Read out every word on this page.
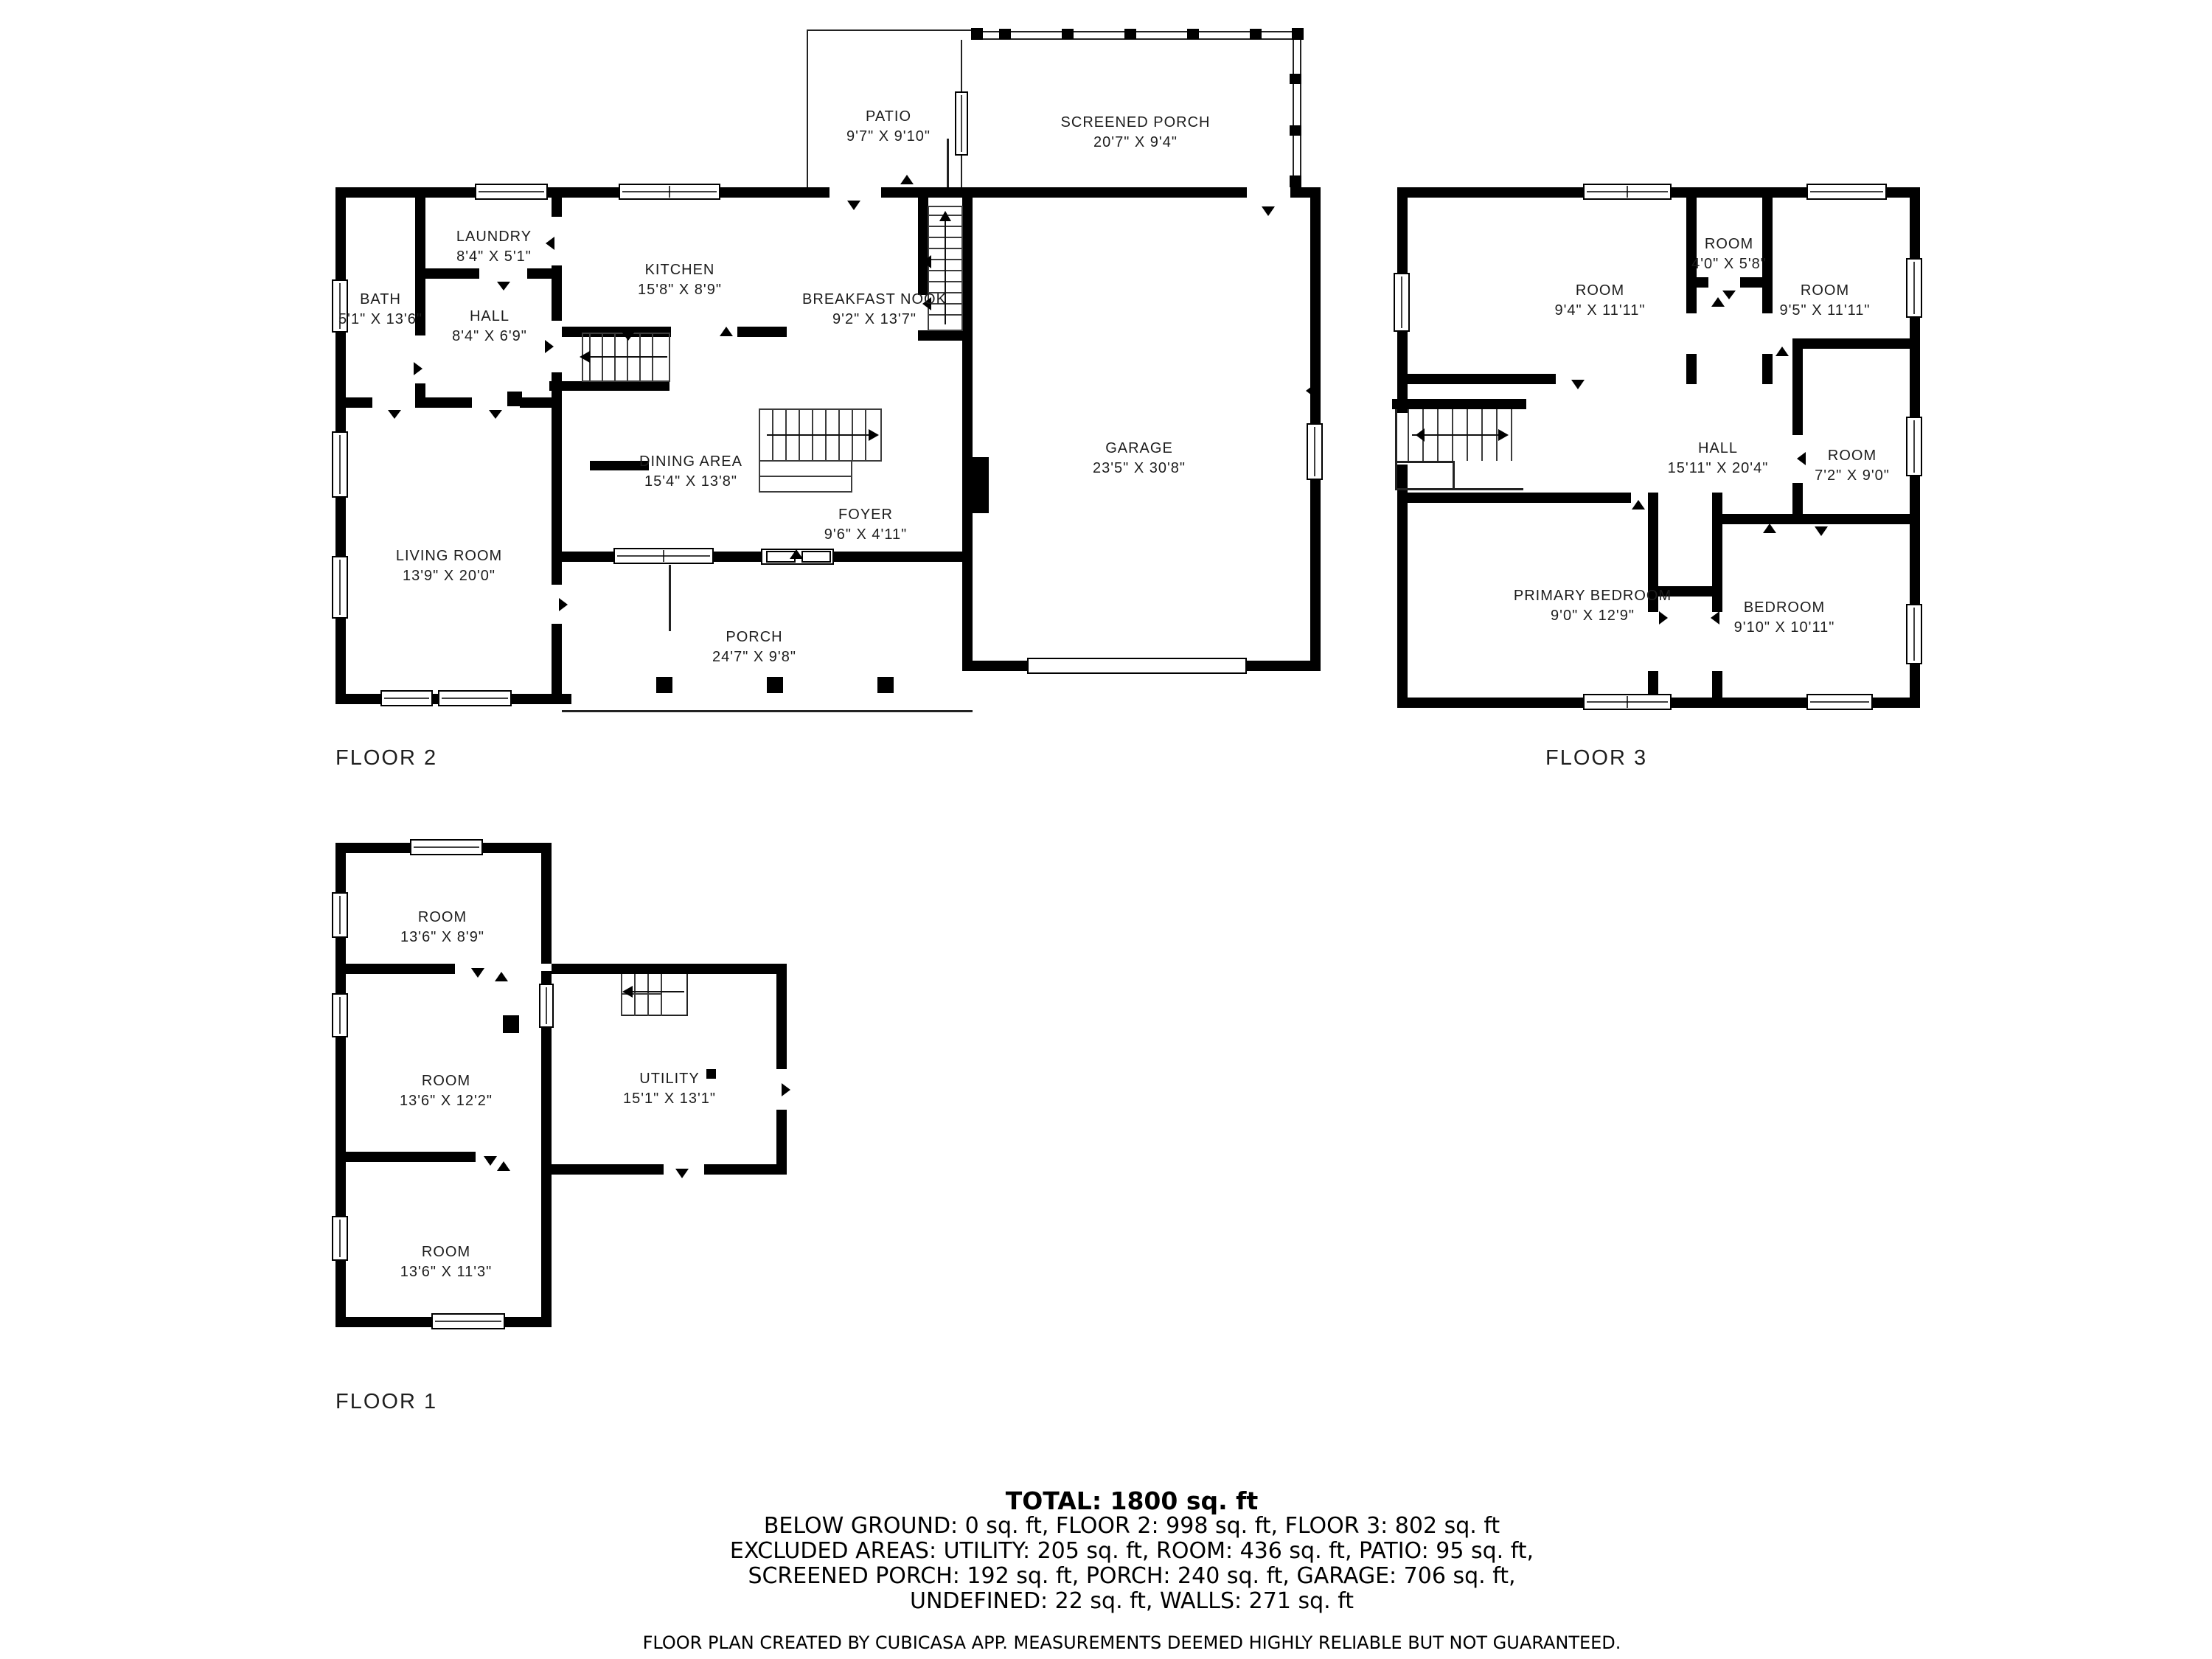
PATIO
9'7" X 9'10"
SCREENED PORCH
20'7" X 9'4"
LAUNDRY
8'4" X 5'1"
BATH
5'1" X 13'6"	HALL
8'4" X 6'9"
KITCHEN
15'8" X 8'9"
BREAKFAST NOOK
9'2" X 13'7"
DINING AREA
15'4" X 13'8"
FOYER
9'6" X 4'11"
GARAGE
23'5" X 30'8"
LIVING ROOM
13'9" X 20'0"
PORCH
24'7" X 9'8"
ROOM
4'0" X 5'8"
ROOM
9'4" X 11'11"
ROOM
9'5" X 11'11"
HALL
15'11" X 20'4"
ROOM
7'2" X 9'0"
PRIMARY BEDROOM
9'0" X 12'9"	BEDROOM
9'10" X 10'11"
ROOM
13'6" X 8'9"
ROOM
13'6" X 12'2"
UTILITY
15'1" X 13'1"
ROOM
13'6" X 11'3"
FLOOR 2	FLOOR 3
FLOOR 1
TOTAL: 1800 sq. ft
BELOW GROUND: 0 sq. ft, FLOOR 2: 998 sq. ft, FLOOR 3: 802 sq. ft
EXCLUDED AREAS: UTILITY: 205 sq. ft, ROOM: 436 sq. ft, PATIO: 95 sq. ft,
SCREENED PORCH: 192 sq. ft, PORCH: 240 sq. ft, GARAGE: 706 sq. ft,
UNDEFINED: 22 sq. ft, WALLS: 271 sq. ft
FLOOR PLAN CREATED BY CUBICASA APP. MEASUREMENTS DEEMED HIGHLY RELIABLE BUT NOT GUARANTEED.
